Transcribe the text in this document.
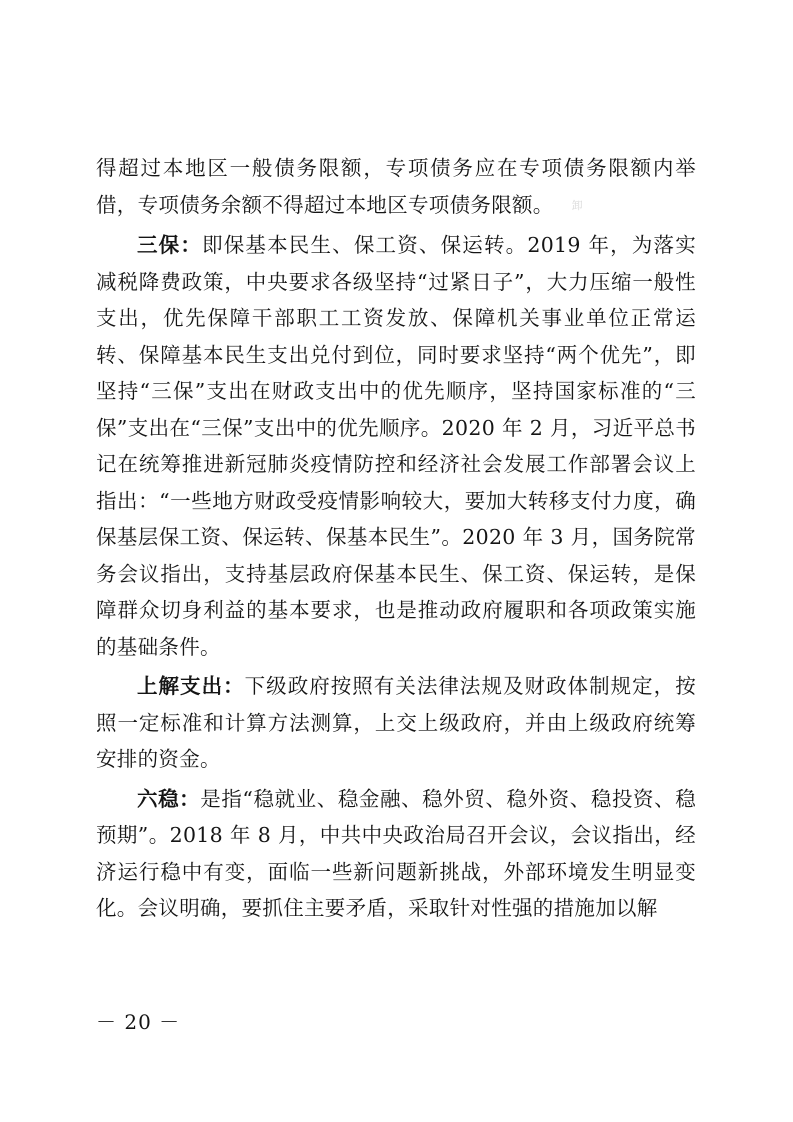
得超过本地区一般债务限额，专项债务应在专项债务限额内举借，专项债务余额不得超过本地区专项债务限额。 卸

三保：即保基本民生、保工资、保运转。2019 年，为落实减税降费政策，中央要求各级坚持“过紧日子”，大力压缩一般性支出，优先保障干部职工工资发放、保障机关事业单位正常运转、保障基本民生支出兑付到位，同时要求坚持“两个优先”，即坚持“三保”支出在财政支出中的优先顺序，坚持国家标准的“三保”支出在“三保”支出中的优先顺序。2020 年 2 月，习近平总书记在统筹推进新冠肺炎疫情防控和经济社会发展工作部署会议上指出：“一些地方财政受疫情影响较大，要加大转移支付力度，确保基层保工资、保运转、保基本民生”。2020 年 3 月，国务院常务会议指出，支持基层政府保基本民生、保工资、保运转，是保障群众切身利益的基本要求，也是推动政府履职和各项政策实施的基础条件。

上解支出：下级政府按照有关法律法规及财政体制规定，按照一定标准和计算方法测算，上交上级政府，并由上级政府统筹安排的资金。

六稳：是指“稳就业、稳金融、稳外贸、稳外资、稳投资、稳预期”。2018 年 8 月，中共中央政治局召开会议，会议指出，经济运行稳中有变，面临一些新问题新挑战，外部环境发生明显变化。会议明确，要抓住主要矛盾，采取针对性强的措施加以解

－ 20 －
